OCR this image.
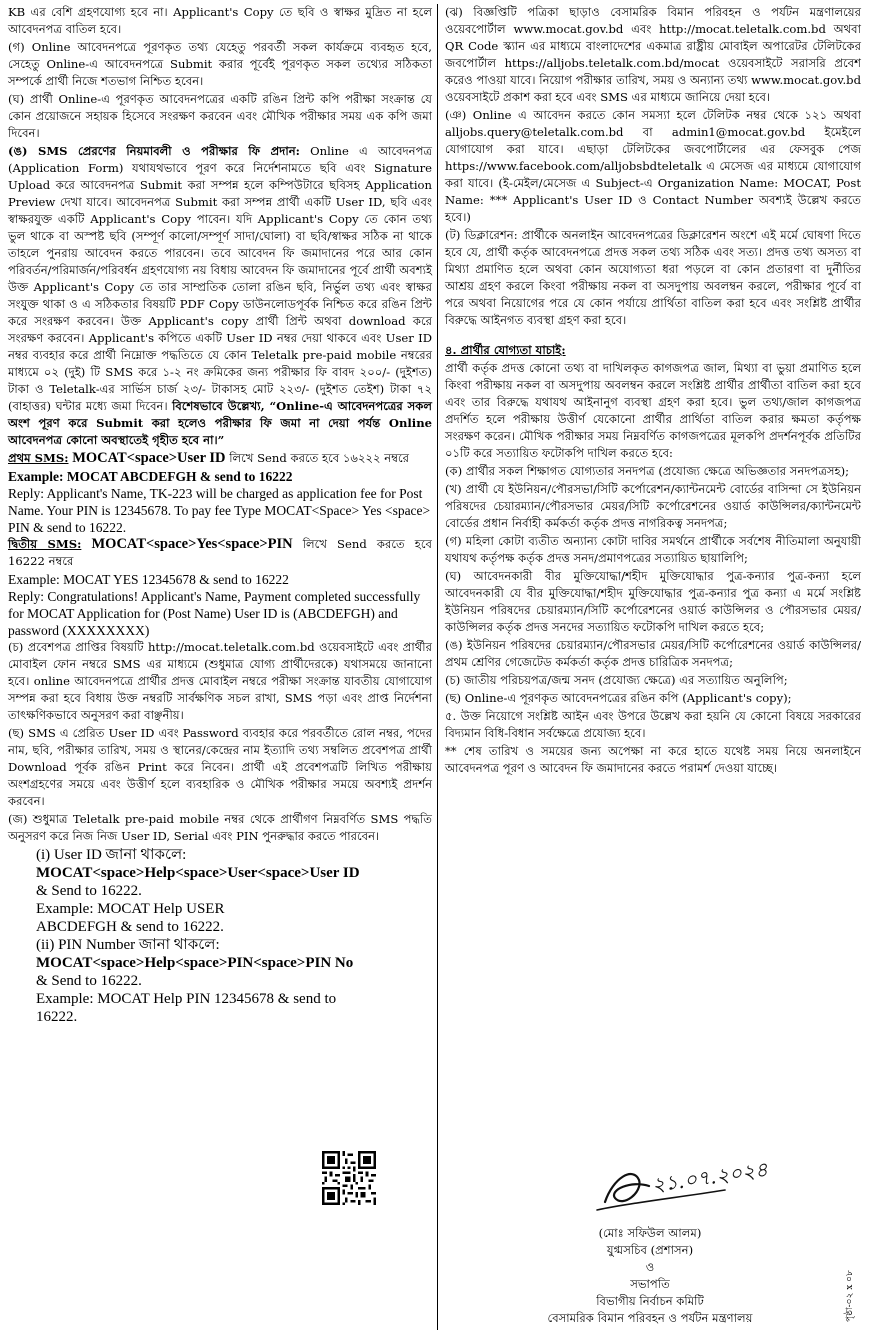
KB এর বেশি গ্রহণযোগ্য হবে না। Applicant's Copy তে ছবি ও স্বাক্ষর মুদ্রিত না হলে আবেদনপত্র বাতিল হবে।

(গ) Online আবেদনপত্রে পূরণকৃত তথ্য যেহেতু পরবর্তী সকল কার্যক্রমে ব্যবহৃত হবে, সেহেতু Online-এ আবেদনপত্রে Submit করার পূর্বেই পূরণকৃত সকল তথ্যের সঠিকতা সম্পর্কে প্রার্থী নিজে শতভাগ নিশ্চিত হবেন।

(ঘ) প্রার্থী Online-এ পূরণকৃত আবেদনপত্রের একটি রঙিন প্রিন্ট কপি পরীক্ষা সংক্রান্ত যে কোন প্রয়োজনে সহায়ক হিসেবে সংরক্ষণ করবেন এবং মৌখিক পরীক্ষার সময় এক কপি জমা দিবেন।

(ঙ) SMS প্রেরণের নিয়মাবলী ও পরীক্ষার ফি প্রদান: Online এ আবেদনপত্র (Application Form) যথাযথভাবে পূরণ করে নির্দেশনামতে ছবি এবং Signature Upload করে আবেদনপত্র Submit করা সম্পন্ন হলে কম্পিউটারে ছবিসহ Application Preview দেখা যাবে। আবেদনপত্র Submit করা সম্পন্ন প্রার্থী একটি User ID, ছবি এবং স্বাক্ষরযুক্ত একটি Applicant's Copy পাবেন। যদি Applicant's Copy তে কোন তথ্য ভুল থাকে বা অস্পষ্ট ছবি (সম্পূর্ণ কালো/সম্পূর্ণ সাদা/ঘোলা) বা ছবি/স্বাক্ষর সঠিক না থাকে তাহলে পুনরায় আবেদন করতে পারবেন। তবে আবেদন ফি জমাদানের পরে আর কোন পরিবর্তন/পরিমার্জন/পরিবর্ধন গ্রহণযোগ্য নয় বিধায় আবেদন ফি জমাদানের পূর্বে প্রার্থী অবশ্যই উক্ত Applicant's Copy তে তার সাম্প্রতিক তোলা রঙিন ছবি, নির্ভুল তথ্য এবং স্বাক্ষর সংযুক্ত থাকা ও এ সঠিকতার বিষয়টি PDF Copy ডাউনলোডপূর্বক নিশ্চিত করে রঙিন প্রিন্ট করে সংরক্ষণ করবেন। উক্ত Applicant's copy প্রার্থী প্রিন্ট অথবা download করে সংরক্ষণ করবেন। Applicant's কপিতে একটি User ID নম্বর দেয়া থাকবে এবং User ID নম্বর ব্যবহার করে প্রার্থী নিম্নোক্ত পদ্ধতিতে যে কোন Teletalk pre-paid mobile নম্বরের মাধ্যমে ০২ (দুই) টি SMS করে ১-২ নং ক্রমিকের জন্য পরীক্ষার ফি বাবদ ২০০/- (দুইশত) টাকা ও Teletalk-এর সার্ভিস চার্জ ২৩/- টাকাসহ মোট ২২৩/- (দুইশত তেইশ) টাকা ৭২ (বাহাত্তর) ঘন্টার মধ্যে জমা দিবেন। বিশেষভাবে উল্লেখ্য, “Online-এ আবেদনপত্রের সকল অংশ পূরণ করে Submit করা হলেও পরীক্ষার ফি জমা না দেয়া পর্যন্ত Online আবেদনপত্র কোনো অবস্থাতেই গৃহীত হবে না।”

প্রথম SMS: MOCAT<space>User ID লিখে Send করতে হবে ১৬২২২ নম্বরে

Example: MOCAT ABCDEFGH & send to 16222

Reply: Applicant's Name, TK-223 will be charged as application fee for Post Name. Your PIN is 12345678. To pay fee Type MOCAT<Space> Yes <space> PIN & send to 16222.

দ্বিতীয় SMS: MOCAT<space>Yes<space>PIN লিখে Send করতে হবে 16222 নম্বরে

Example: MOCAT YES 12345678 & send to 16222

Reply: Congratulations! Applicant's Name, Payment completed successfully for MOCAT Application for (Post Name) User ID is (ABCDEFGH) and password (XXXXXXXX)

(চ) প্রবেশপত্র প্রাপ্তির বিষয়টি http://mocat.teletalk.com.bd ওয়েবসাইটে এবং প্রার্থীর মোবাইল ফোন নম্বরে SMS এর মাধ্যমে (শুধুমাত্র যোগ্য প্রার্থীদেরকে) যথাসময়ে জানানো হবে। online আবেদনপত্রে প্রার্থীর প্রদত্ত মোবাইল নম্বরে পরীক্ষা সংক্রান্ত যাবতীয় যোগাযোগ সম্পন্ন করা হবে বিধায় উক্ত নম্বরটি সার্বক্ষণিক সচল রাখা, SMS পড়া এবং প্রাপ্ত নির্দেশনা তাৎক্ষণিকভাবে অনুসরণ করা বাঞ্ছনীয়।

(ছ) SMS এ প্রেরিত User ID এবং Password ব্যবহার করে পরবর্তীতে রোল নম্বর, পদের নাম, ছবি, পরীক্ষার তারিখ, সময় ও স্থানের/কেন্দ্রের নাম ইত্যাদি তথ্য সম্বলিত প্রবেশপত্র প্রার্থী Download পূর্বক রঙিন Print করে নিবেন। প্রার্থী এই প্রবেশপত্রটি লিখিত পরীক্ষায় অংশগ্রহণের সময়ে এবং উত্তীর্ণ হলে ব্যবহারিক ও মৌখিক পরীক্ষার সময়ে অবশ্যই প্রদর্শন করবেন।

(জ) শুধুমাত্র Teletalk pre-paid mobile নম্বর থেকে প্রার্থীগণ নিম্নবর্ণিত SMS পদ্ধতি অনুসরণ করে নিজ নিজ User ID, Serial এবং PIN পুনরুদ্ধার করতে পারবেন।

(i) User ID জানা থাকলে:

MOCAT<space>Help<space>User<space>User ID

& Send to 16222.

Example: MOCAT Help USER

ABCDEFGH & send to 16222.

(ii) PIN Number জানা থাকলে:

MOCAT<space>Help<space>PIN<space>PIN No

& Send to 16222.

Example: MOCAT Help PIN 12345678 & send to

16222.

(ঝ) বিজ্ঞপ্তিটি পত্রিকা ছাড়াও বেসামরিক বিমান পরিবহন ও পর্যটন মন্ত্রণালয়ের ওয়েবপোর্টাল www.mocat.gov.bd এবং http://mocat.teletalk.com.bd অথবা QR Code স্ক্যান এর মাধ্যমে বাংলাদেশের একমাত্র রাষ্ট্রীয় মোবাইল অপারেটর টেলিটকের জবপোর্টাল https://alljobs.teletalk.com.bd/mocat ওয়েবসাইটে সরাসরি প্রবেশ করেও পাওয়া যাবে। নিয়োগ পরীক্ষার তারিখ, সময় ও অন্যান্য তথ্য www.mocat.gov.bd ওয়েবসাইটে প্রকাশ করা হবে এবং SMS এর মাধ্যমে জানিয়ে দেয়া হবে।

(ঞ) Online এ আবেদন করতে কোন সমস্যা হলে টেলিটক নম্বর থেকে ১২১ অথবা alljobs.query@teletalk.com.bd বা admin1@mocat.gov.bd ইমেইলে যোগাযোগ করা যাবে। এছাড়া টেলিটকের জবপোর্টালের এর ফেসবুক পেজ https://www.facebook.com/alljobsbdteletalk এ মেসেজ এর মাধ্যমে যোগাযোগ করা যাবে। (ই-মেইল/মেসেজ এ Subject-এ Organization Name: MOCAT, Post Name: *** Applicant's User ID ও Contact Number অবশ্যই উল্লেখ করতে হবে।)

(ট) ডিক্লারেশন: প্রার্থীকে অনলাইন আবেদনপত্রের ডিক্লারেশন অংশে এই মর্মে ঘোষণা দিতে হবে যে, প্রার্থী কর্তৃক আবেদনপত্রে প্রদত্ত সকল তথ্য সঠিক এবং সত্য। প্রদত্ত তথ্য অসত্য বা মিথ্যা প্রমাণিত হলে অথবা কোন অযোগ্যতা ধরা পড়লে বা কোন প্রতারণা বা দুর্নীতির আশ্রয় গ্রহণ করলে কিংবা পরীক্ষায় নকল বা অসদুপায় অবলম্বন করলে, পরীক্ষার পূর্বে বা পরে অথবা নিয়োগের পরে যে কোন পর্যায়ে প্রার্থিতা বাতিল করা হবে এবং সংশ্লিষ্ট প্রার্থীর বিরুদ্ধে আইনগত ব্যবস্থা গ্রহণ করা হবে।

৪. প্রার্থীর যোগ্যতা যাচাই:

প্রার্থী কর্তৃক প্রদত্ত কোনো তথ্য বা দাখিলকৃত কাগজপত্র জাল, মিথ্যা বা ভুয়া প্রমাণিত হলে কিংবা পরীক্ষায় নকল বা অসদুপায় অবলম্বন করলে সংশ্লিষ্ট প্রার্থীর প্রার্থীতা বাতিল করা হবে এবং তার বিরুদ্ধে যথাযথ আইনানুগ ব্যবস্থা গ্রহণ করা হবে। ভুল তথ্য/জাল কাগজপত্র প্রদর্শিত হলে পরীক্ষায় উত্তীর্ণ যেকোনো প্রার্থীর প্রার্থিতা বাতিল করার ক্ষমতা কর্তৃপক্ষ সংরক্ষণ করেন। মৌখিক পরীক্ষার সময় নিম্নবর্ণিত কাগজপত্রের মূলকপি প্রদর্শনপূর্বক প্রতিটির ০১টি করে সত্যায়িত ফটোকপি দাখিল করতে হবে:

(ক) প্রার্থীর সকল শিক্ষাগত যোগ্যতার সনদপত্র (প্রযোজ্য ক্ষেত্রে অভিজ্ঞতার সনদপত্রসহ);

(খ) প্রার্থী যে ইউনিয়ন/পৌরসভা/সিটি কর্পোরেশন/ক্যান্টনমেন্ট বোর্ডের বাসিন্দা সে ইউনিয়ন পরিষদের চেয়ারম্যান/পৌরসভার মেয়র/সিটি কর্পোরেশনের ওয়ার্ড কাউন্সিলর/ক্যান্টনমেন্ট বোর্ডের প্রধান নির্বাহী কর্মকর্তা কর্তৃক প্রদত্ত নাগরিকত্ব সনদপত্র;

(গ) মহিলা কোটা ব্যতীত অন্যান্য কোটা দাবির সমর্থনে প্রার্থীকে সর্বশেষ নীতিমালা অনুযায়ী যথাযথ কর্তৃপক্ষ কর্তৃক প্রদত্ত সনদ/প্রমাণপত্রের সত্যায়িত ছায়ালিপি;

(ঘ) আবেদনকারী বীর মুক্তিযোদ্ধা/শহীদ মুক্তিযোদ্ধার পুত্র-কন্যার পুত্র-কন্যা হলে আবেদনকারী যে বীর মুক্তিযোদ্ধা/শহীদ মুক্তিযোদ্ধার পুত্র-কন্যার পুত্র কন্যা এ মর্মে সংশ্লিষ্ট ইউনিয়ন পরিষদের চেয়ারম্যান/সিটি কর্পোরেশনের ওয়ার্ড কাউন্সিলর ও পৌরসভার মেয়র/কাউন্সিলর কর্তৃক প্রদত্ত সনদের সত্যায়িত ফটোকপি দাখিল করতে হবে;

(ঙ) ইউনিয়ন পরিষদের চেয়ারম্যান/পৌরসভার মেয়র/সিটি কর্পোরেশনের ওয়ার্ড কাউন্সিলর/প্রথম শ্রেণির গেজেটেড কর্মকর্তা কর্তৃক প্রদত্ত চারিত্রিক সনদপত্র;

(চ) জাতীয় পরিচয়পত্র/জন্ম সনদ (প্রযোজ্য ক্ষেত্রে) এর সত্যায়িত অনুলিপি;

(ছ) Online-এ পূরণকৃত আবেদনপত্রের রঙিন কপি (Applicant's copy);

৫. উক্ত নিয়োগে সংশ্লিষ্ট আইন এবং উপরে উল্লেখ করা হয়নি যে কোনো বিষয়ে সরকারের বিদ্যমান বিধি-বিধান সর্বক্ষেত্রে প্রযোজ্য হবে।

** শেষ তারিখ ও সময়ের জন্য অপেক্ষা না করে হাতে যথেষ্ট সময় নিয়ে অনলাইনে আবেদনপত্র পূরণ ও আবেদন ফি জমাদানের করতে পরামর্শ দেওয়া যাচ্ছে।

২১.০৭.২০২৪
(মোঃ সফিউল আলম)
যুগ্মসচিব (প্রশাসন)
ও
সভাপতি
বিভাগীয় নির্বাচন কমিটি
বেসামরিক বিমান পরিবহন ও পর্যটন মন্ত্রণালয়	পৃষ্ঠা-০২ x ০৮
